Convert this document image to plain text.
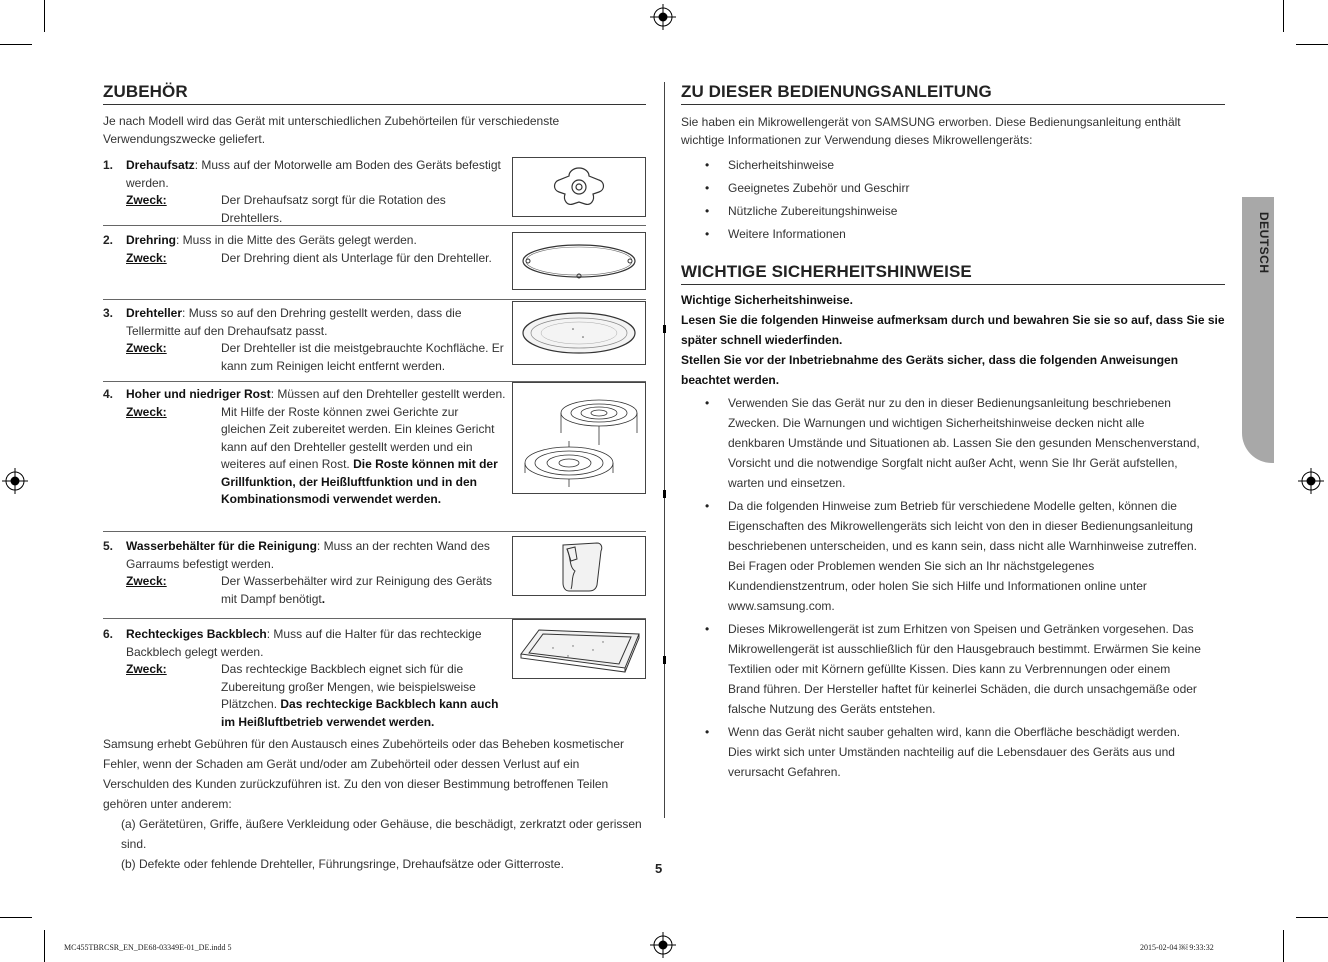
ZUBEHÖR

Je nach Modell wird das Gerät mit unterschiedlichen Zubehörteilen für verschiedenste Verwendungszwecke geliefert.

1. Drehaufsatz: Muss auf der Motorwelle am Boden des Geräts befestigt werden.
Zweck:	Der Drehaufsatz sorgt für die Rotation des Drehtellers.
2. Drehring: Muss in die Mitte des Geräts gelegt werden.
Zweck:	Der Drehring dient als Unterlage für den Drehteller.
3. Drehteller: Muss so auf den Drehring gestellt werden, dass die Tellermitte auf den Drehaufsatz passt.
Zweck:	Der Drehteller ist die meistgebrauchte Kochfläche. Er kann zum Reinigen leicht entfernt werden.
4. Hoher und niedriger Rost: Müssen auf den Drehteller gestellt werden.
Zweck:	Mit Hilfe der Roste können zwei Gerichte zur gleichen Zeit zubereitet werden. Ein kleines Gericht kann auf den Drehteller gestellt werden und ein weiteres auf einen Rost. Die Roste können mit der Grillfunktion, der Heißluftfunktion und in den Kombinationsmodi verwendet werden.
5. Wasserbehälter für die Reinigung: Muss an der rechten Wand des Garraums befestigt werden.
Zweck:	Der Wasserbehälter wird zur Reinigung des Geräts mit Dampf benötigt.
6. Rechteckiges Backblech: Muss auf die Halter für das rechteckige Backblech gelegt werden.
Zweck:	Das rechteckige Backblech eignet sich für die Zubereitung großer Mengen, wie beispielsweise Plätzchen. Das rechteckige Backblech kann auch im Heißluftbetrieb verwendet werden.

Samsung erhebt Gebühren für den Austausch eines Zubehörteils oder das Beheben kosmetischer Fehler, wenn der Schaden am Gerät und/oder am Zubehörteil oder dessen Verlust auf ein Verschulden des Kunden zurückzuführen ist. Zu den von dieser Bestimmung betroffenen Teilen gehören unter anderem:

(a) Gerätetüren, Griffe, äußere Verkleidung oder Gehäuse, die beschädigt, zerkratzt oder gerissen sind.

(b) Defekte oder fehlende Drehteller, Führungsringe, Drehaufsätze oder Gitterroste.

ZU DIESER BEDIENUNGSANLEITUNG

Sie haben ein Mikrowellengerät von SAMSUNG erworben. Diese Bedienungsanleitung enthält wichtige Informationen zur Verwendung dieses Mikrowellengeräts:

• Sicherheitshinweise
• Geeignetes Zubehör und Geschirr
• Nützliche Zubereitungshinweise
• Weitere Informationen
WICHTIGE SICHERHEITSHINWEISE

Wichtige Sicherheitshinweise.

Lesen Sie die folgenden Hinweise aufmerksam durch und bewahren Sie sie so auf, dass Sie sie später schnell wiederfinden.

Stellen Sie vor der Inbetriebnahme des Geräts sicher, dass die folgenden Anweisungen beachtet werden.

• Verwenden Sie das Gerät nur zu den in dieser Bedienungsanleitung beschriebenen Zwecken. Die Warnungen und wichtigen Sicherheitshinweise decken nicht alle denkbaren Umstände und Situationen ab. Lassen Sie den gesunden Menschenverstand, Vorsicht und die notwendige Sorgfalt nicht außer Acht, wenn Sie Ihr Gerät aufstellen, warten und einsetzen.
• Da die folgenden Hinweise zum Betrieb für verschiedene Modelle gelten, können die Eigenschaften des Mikrowellengeräts sich leicht von den in dieser Bedienungsanleitung beschriebenen unterscheiden, und es kann sein, dass nicht alle Warnhinweise zutreffen. Bei Fragen oder Problemen wenden Sie sich an Ihr nächstgelegenes Kundendienstzentrum, oder holen Sie sich Hilfe und Informationen online unter www.samsung.com.
• Dieses Mikrowellengerät ist zum Erhitzen von Speisen und Getränken vorgesehen. Das Mikrowellengerät ist ausschließlich für den Hausgebrauch bestimmt. Erwärmen Sie keine Textilien oder mit Körnern gefüllte Kissen. Dies kann zu Verbrennungen oder einem Brand führen. Der Hersteller haftet für keinerlei Schäden, die durch unsachgemäße oder falsche Nutzung des Geräts entstehen.
• Wenn das Gerät nicht sauber gehalten wird, kann die Oberfläche beschädigt werden. Dies wirkt sich unter Umständen nachteilig auf die Lebensdauer des Geräts aus und verursacht Gefahren.
DEUTSCH
5
MC455TBRCSR_EN_DE68-03349E-01_DE.indd 5	2015-02-04 ￼ 9:33:32
